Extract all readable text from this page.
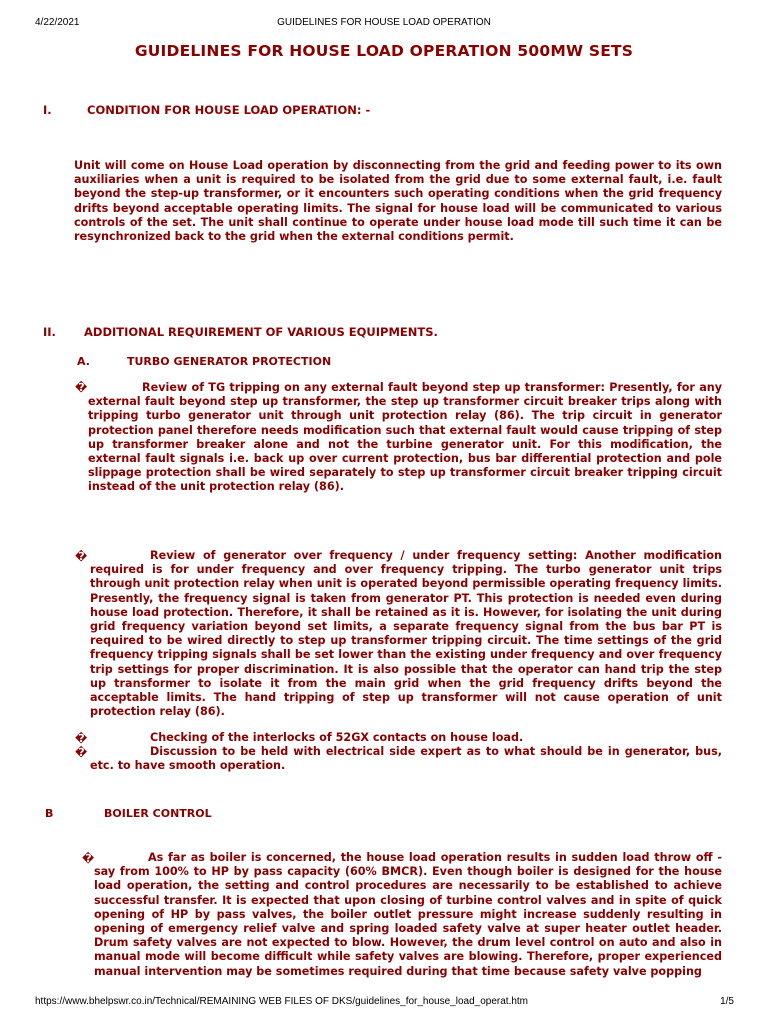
4/22/2021	GUIDELINES FOR HOUSE LOAD OPERATION
GUIDELINES FOR HOUSE LOAD OPERATION 500MW SETS
I.	CONDITION FOR HOUSE LOAD OPERATION: -

Unit will come on House Load operation by disconnecting from the grid and feeding power to its own auxiliaries when a unit is required to be isolated from the grid due to some external fault, i.e. fault beyond the step-up transformer, or it encounters such operating conditions when the grid frequency drifts beyond acceptable operating limits. The signal for house load will be communicated to various controls of the set. The unit shall continue to operate under house load mode till such time it can be resynchronized back to the grid when the external conditions permit.

II. ADDITIONAL REQUIREMENT OF VARIOUS EQUIPMENTS.
A.	TURBO GENERATOR PROTECTION
�	Review of TG tripping on any external fault beyond step up transformer: Presently, for any external fault beyond step up transformer, the step up transformer circuit breaker trips along with tripping turbo generator unit through unit protection relay (86). The trip circuit in generator protection panel therefore needs modification such that external fault would cause tripping of step up transformer breaker alone and not the turbine generator unit. For this modification, the external fault signals i.e. back up over current protection, bus bar differential protection and pole slippage protection shall be wired separately to step up transformer circuit breaker tripping circuit instead of the unit protection relay (86).

�	Review of generator over frequency / under frequency setting: Another modification required is for under frequency and over frequency tripping. The turbo generator unit trips through unit protection relay when unit is operated beyond permissible operating frequency limits. Presently, the frequency signal is taken from generator PT. This protection is needed even during house load protection. Therefore, it shall be retained as it is. However, for isolating the unit during grid frequency variation beyond set limits, a separate frequency signal from the bus bar PT is required to be wired directly to step up transformer tripping circuit. The time settings of the grid frequency tripping signals shall be set lower than the existing under frequency and over frequency trip settings for proper discrimination. It is also possible that the operator can hand trip the step up transformer to isolate it from the main grid when the grid frequency drifts beyond the acceptable limits. The hand tripping of step up transformer will not cause operation of unit protection relay (86).

�	Checking of the interlocks of 52GX contacts on house load.

�	Discussion to be held with electrical side expert as to what should be in generator, bus, etc. to have smooth operation.

B	BOILER CONTROL
�	As far as boiler is concerned, the house load operation results in sudden load throw off - say from 100% to HP by pass capacity (60% BMCR). Even though boiler is designed for the house load operation, the setting and control procedures are necessarily to be established to achieve successful transfer. It is expected that upon closing of turbine control valves and in spite of quick opening of HP by pass valves, the boiler outlet pressure might increase suddenly resulting in opening of emergency relief valve and spring loaded safety valve at super heater outlet header. Drum safety valves are not expected to blow. However, the drum level control on auto and also in manual mode will become difficult while safety valves are blowing. Therefore, proper experienced manual intervention may be sometimes required during that time because safety valve popping

https://www.bhelpswr.co.in/Technical/REMAINING WEB FILES OF DKS/guidelines_for_house_load_operat.htm	1/5
